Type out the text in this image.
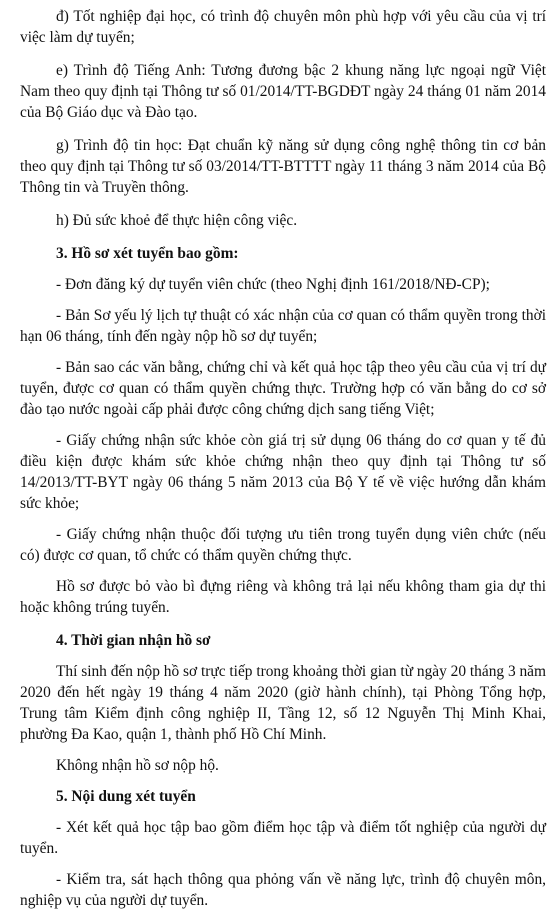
đ) Tốt nghiệp đại học, có trình độ chuyên môn phù hợp với yêu cầu của vị trí việc làm dự tuyển;

e) Trình độ Tiếng Anh: Tương đương bậc 2 khung năng lực ngoại ngữ Việt Nam theo quy định tại Thông tư số 01/2014/TT-BGDĐT ngày 24 tháng 01 năm 2014 của Bộ Giáo dục và Đào tạo.

g) Trình độ tin học: Đạt chuẩn kỹ năng sử dụng công nghệ thông tin cơ bản theo quy định tại Thông tư số 03/2014/TT-BTTTT ngày 11 tháng 3 năm 2014 của Bộ Thông tin và Truyền thông.

h) Đủ sức khoẻ để thực hiện công việc.

3. Hồ sơ xét tuyển bao gồm:

- Đơn đăng ký dự tuyển viên chức (theo Nghị định 161/2018/NĐ-CP);

- Bản Sơ yếu lý lịch tự thuật có xác nhận của cơ quan có thẩm quyền trong thời hạn 06 tháng, tính đến ngày nộp hồ sơ dự tuyển;

- Bản sao các văn bằng, chứng chỉ và kết quả học tập theo yêu cầu của vị trí dự tuyển, được cơ quan có thẩm quyền chứng thực. Trường hợp có văn bằng do cơ sở đào tạo nước ngoài cấp phải được công chứng dịch sang tiếng Việt;

- Giấy chứng nhận sức khỏe còn giá trị sử dụng 06 tháng do cơ quan y tế đủ điều kiện được khám sức khỏe chứng nhận theo quy định tại Thông tư số 14/2013/TT-BYT ngày 06 tháng 5 năm 2013 của Bộ Y tế về việc hướng dẫn khám sức khỏe;

- Giấy chứng nhận thuộc đối tượng ưu tiên trong tuyển dụng viên chức (nếu có) được cơ quan, tổ chức có thẩm quyền chứng thực.

Hồ sơ được bỏ vào bì đựng riêng và không trả lại nếu không tham gia dự thi hoặc không trúng tuyển.

4. Thời gian nhận hồ sơ

Thí sinh đến nộp hồ sơ trực tiếp trong khoảng thời gian từ ngày 20 tháng 3 năm 2020 đến hết ngày 19 tháng 4 năm 2020 (giờ hành chính), tại Phòng Tổng hợp, Trung tâm Kiểm định công nghiệp II, Tầng 12, số 12 Nguyễn Thị Minh Khai, phường Đa Kao, quận 1, thành phố Hồ Chí Minh.

Không nhận hồ sơ nộp hộ.

5. Nội dung xét tuyển

- Xét kết quả học tập bao gồm điểm học tập và điểm tốt nghiệp của người dự tuyển.

- Kiểm tra, sát hạch thông qua phỏng vấn về năng lực, trình độ chuyên môn, nghiệp vụ của người dự tuyển.
